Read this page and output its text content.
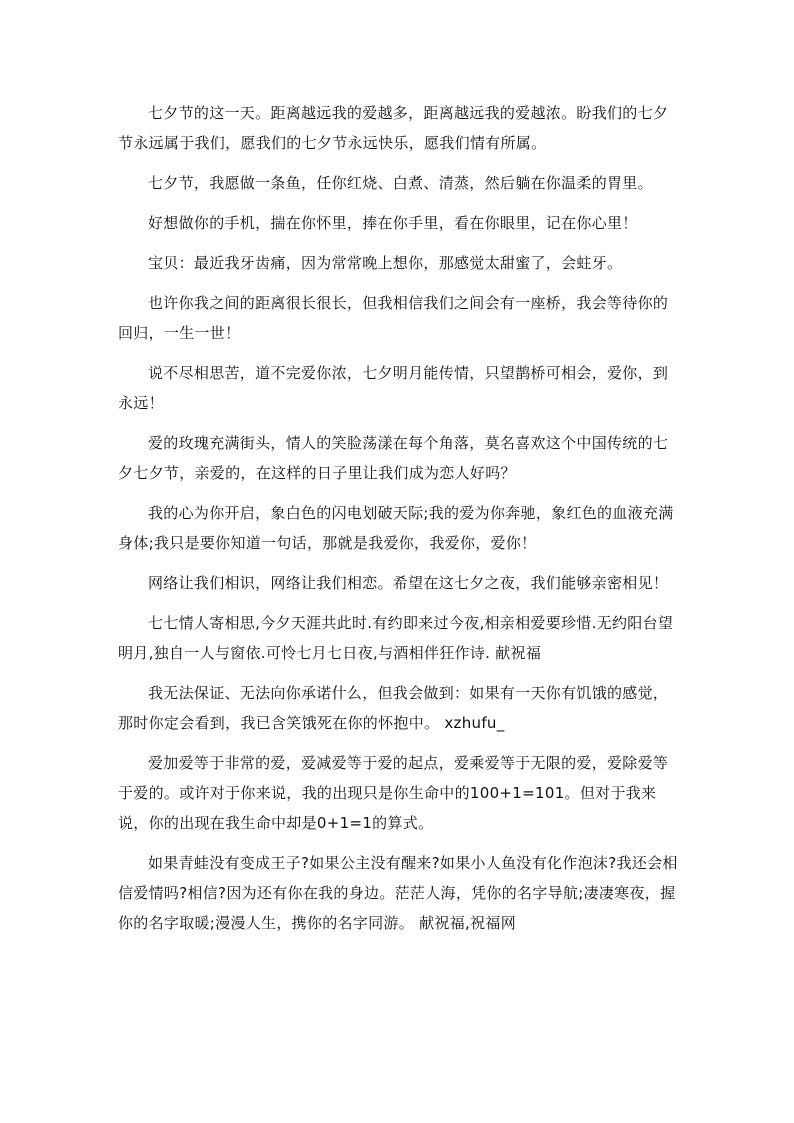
七夕节的这一天。距离越远我的爱越多，距离越远我的爱越浓。盼我们的七夕节永远属于我们，愿我们的七夕节永远快乐，愿我们情有所属。

七夕节，我愿做一条鱼，任你红烧、白煮、清蒸，然后躺在你温柔的胃里。

好想做你的手机，揣在你怀里，捧在你手里，看在你眼里，记在你心里！

宝贝：最近我牙齿痛，因为常常晚上想你，那感觉太甜蜜了，会蛀牙。

也许你我之间的距离很长很长，但我相信我们之间会有一座桥，我会等待你的回归，一生一世！

说不尽相思苦，道不完爱你浓，七夕明月能传情，只望鹊桥可相会，爱你，到永远！

爱的玫瑰充满街头，情人的笑脸荡漾在每个角落，莫名喜欢这个中国传统的七夕七夕节，亲爱的，在这样的日子里让我们成为恋人好吗？

我的心为你开启，象白色的闪电划破天际;我的爱为你奔驰，象红色的血液充满身体;我只是要你知道一句话，那就是我爱你，我爱你，爱你！

网络让我们相识，网络让我们相恋。希望在这七夕之夜，我们能够亲密相见！

七七情人寄相思,今夕天涯共此时.有约即来过今夜,相亲相爱要珍惜.无约阳台望明月,独自一人与窗依.可怜七月七日夜,与酒相伴狂作诗. 献祝福

我无法保证、无法向你承诺什么，但我会做到：如果有一天你有饥饿的感觉，那时你定会看到，我已含笑饿死在你的怀抱中。 xzhufu_

爱加爱等于非常的爱，爱减爱等于爱的起点，爱乘爱等于无限的爱，爱除爱等于爱的。或许对于你来说，我的出现只是你生命中的100+1=101。但对于我来说，你的出现在我生命中却是0+1=1的算式。

如果青蛙没有变成王子?如果公主没有醒来?如果小人鱼没有化作泡沫?我还会相信爱情吗?相信?因为还有你在我的身边。茫茫人海，凭你的名字导航;凄凄寒夜，握你的名字取暖;漫漫人生，携你的名字同游。 献祝福,祝福网
